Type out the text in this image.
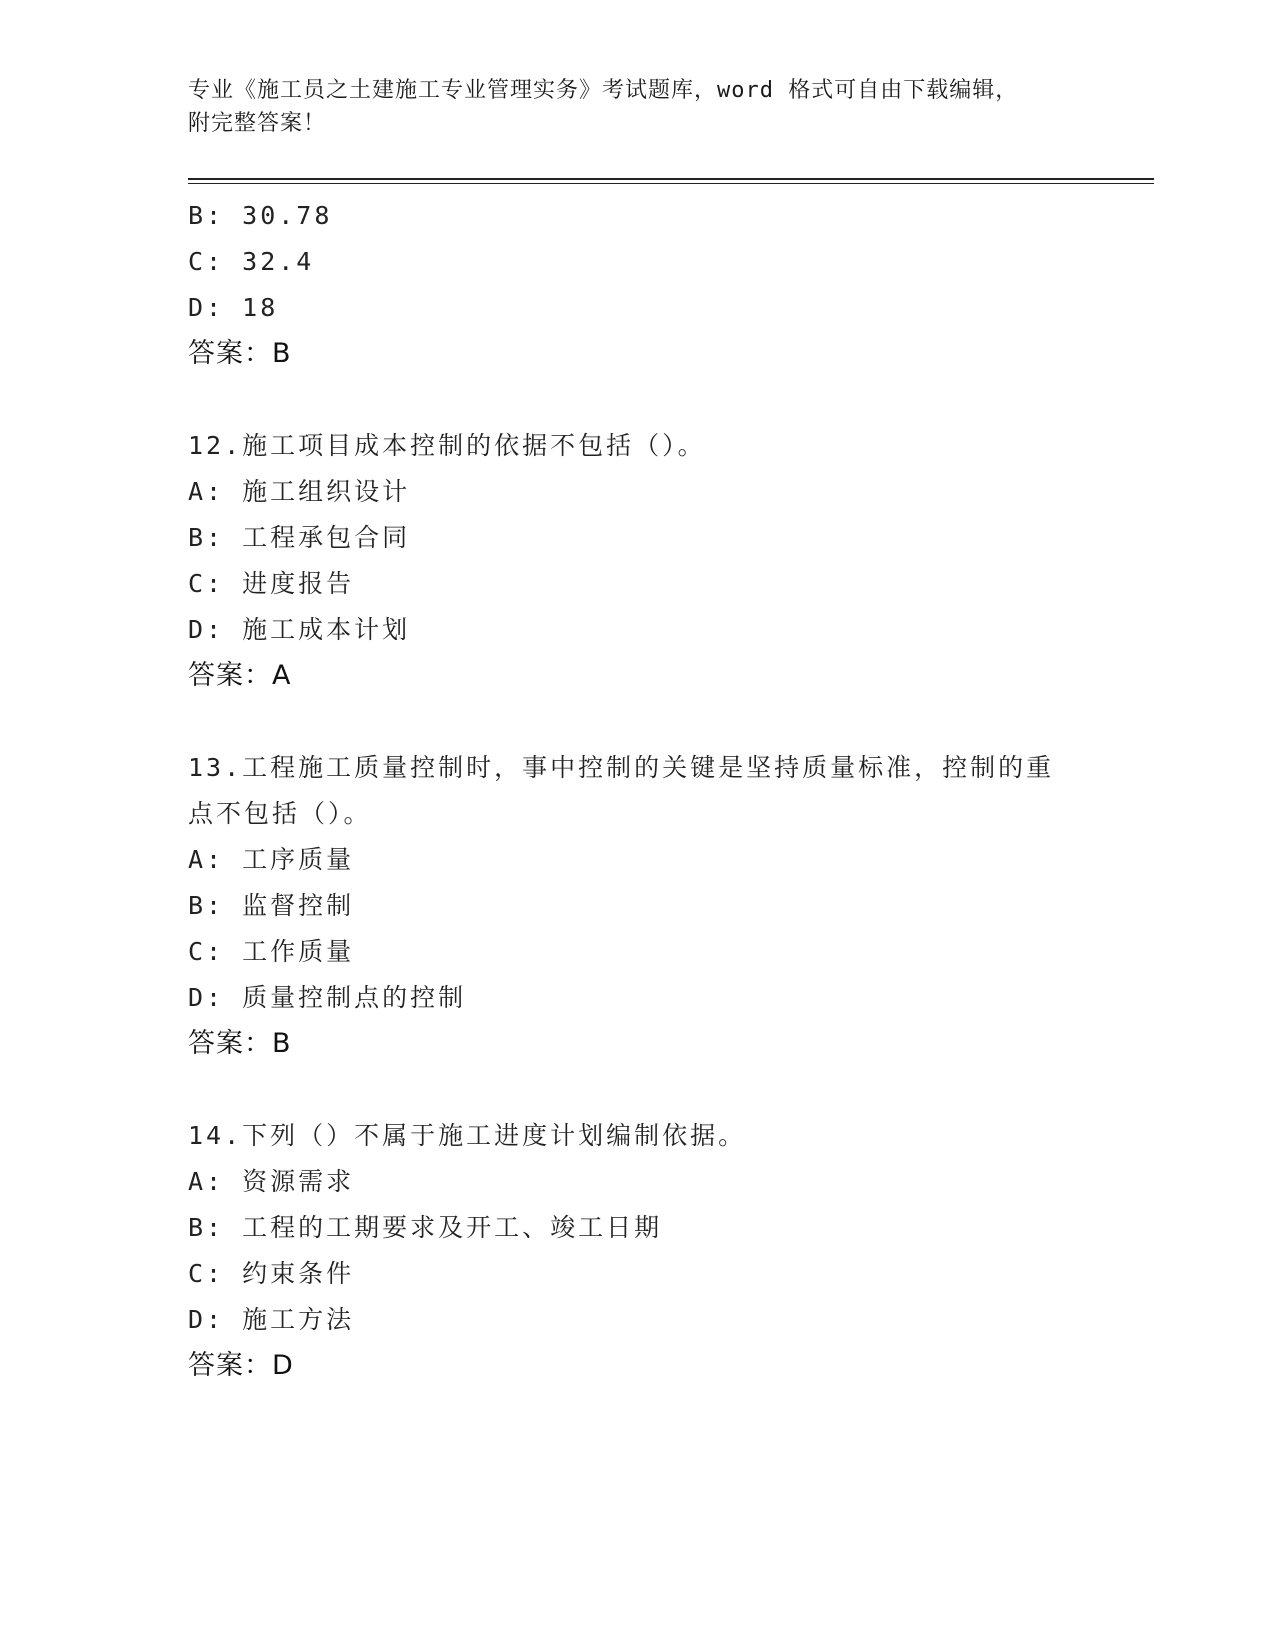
专业《施工员之土建施工专业管理实务》考试题库，word 格式可自由下载编辑，
附完整答案！
B: 30.78
C: 32.4
D: 18
答案：B
12.施工项目成本控制的依据不包括（）。
A: 施工组织设计
B: 工程承包合同
C: 进度报告
D: 施工成本计划
答案：A
13.工程施工质量控制时，事中控制的关键是坚持质量标准，控制的重
点不包括（）。
A: 工序质量
B: 监督控制
C: 工作质量
D: 质量控制点的控制
答案：B
14.下列（）不属于施工进度计划编制依据。
A: 资源需求
B: 工程的工期要求及开工、竣工日期
C: 约束条件
D: 施工方法
答案：D
